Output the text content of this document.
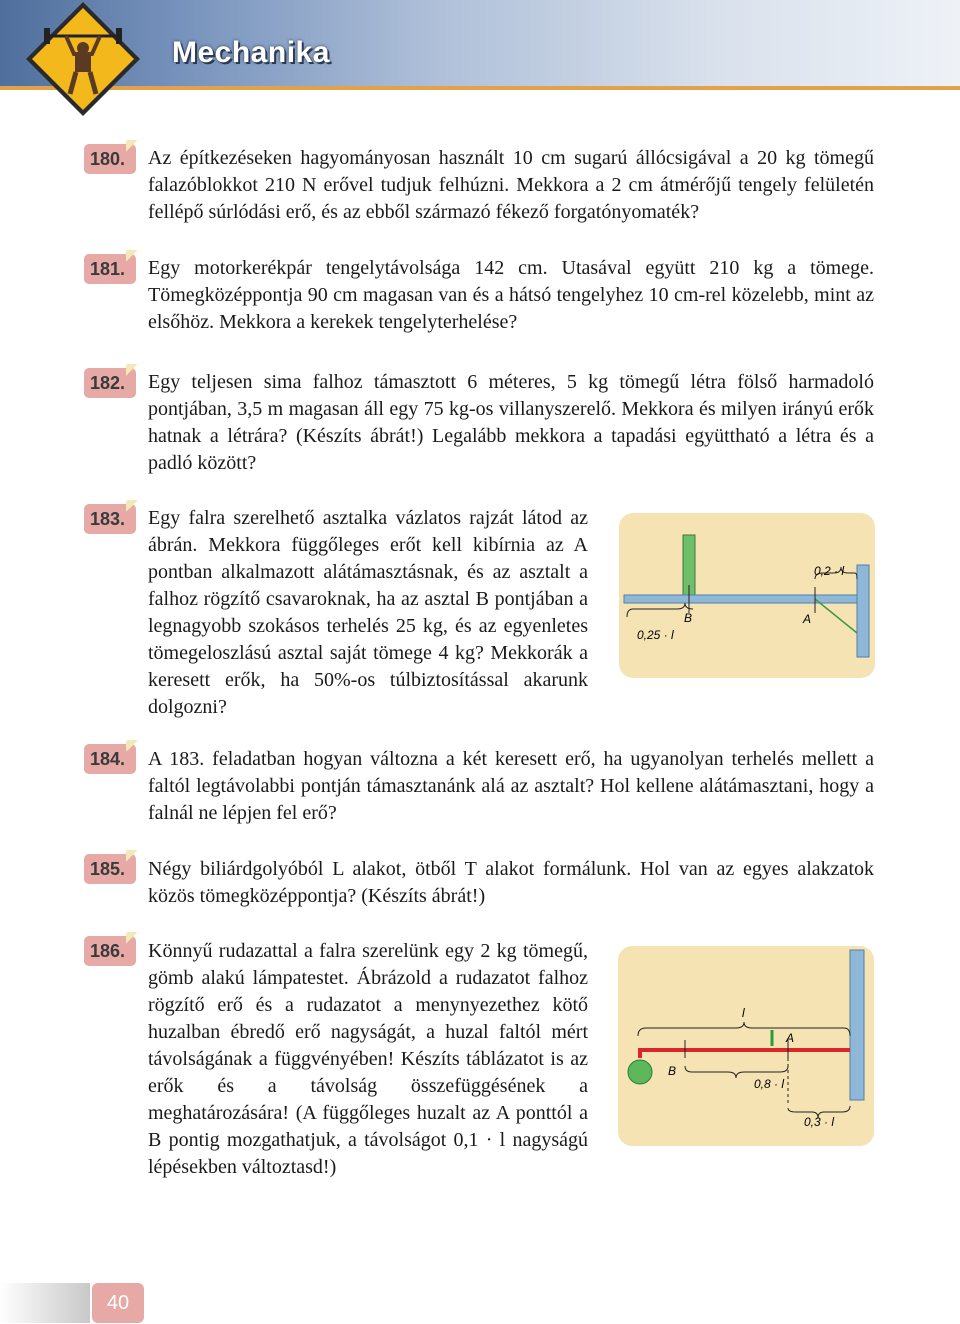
Mechanika
180.	Az építkezéseken hagyományosan használt 10 cm sugarú állócsigával a 20 kg tömegű falazóblokkot 210 N erővel tudjuk felhúzni. Mekkora a 2 cm átmérőjű tengely felületén fellépő súrlódási erő, és az ebből származó fékező forgatónyomaték?

181.	Egy motorkerékpár tengelytávolsága 142 cm. Utasával együtt 210 kg a tömege. Tömegközéppontja 90 cm magasan van és a hátsó tengelyhez 10 cm-rel közelebb, mint az elsőhöz. Mekkora a kerekek tengelyterhelése?

182.	Egy teljesen sima falhoz támasztott 6 méteres, 5 kg tömegű létra fölső harmadoló pontjában, 3,5 m magasan áll egy 75 kg-os villanyszerelő. Mekkora és milyen irányú erők hatnak a létrára? (Készíts ábrát!) Legalább mekkora a tapadási együttható a létra és a padló között?

183.	Egy falra szerelhető asztalka vázlatos rajzát látod az ábrán. Mekkora függőleges erőt kell kibírnia az A pontban alkalmazott alátámasztásnak, és az asztalt a falhoz rögzítő csavaroknak, ha az asztal B pontjában a legnagyobb szokásos terhelés 25 kg, és az egyenletes tömegeloszlású asztal saját tömege 4 kg? Mekkorák a keresett erők, ha 50%-os túlbiztosítással akarunk dolgozni?

0,2 · l
B	A
0,25 · l
184.	A 183. feladatban hogyan változna a két keresett erő, ha ugyanolyan terhelés mellett a faltól legtávolabbi pontján támasztanánk alá az asztalt? Hol kellene alátámasztani, hogy a falnál ne lépjen fel erő?

185.	Négy biliárdgolyóból L alakot, ötből T alakot formálunk. Hol van az egyes alakzatok közös tömegközéppontja? (Készíts ábrát!)

186.	Könnyű rudazattal a falra szerelünk egy 2 kg tömegű, gömb alakú lámpatestet. Ábrázold a rudazatot falhoz rögzítő erő és a rudazatot a menynyezethez kötő huzalban ébredő erő nagyságát, a huzal faltól mért távolságának a függvényében! Készíts táblázatot is az erők és a távolság összefüggésének a meghatározására! (A függőleges huzalt az A ponttól a B pontig mozgathatjuk, a távolságot 0,1 · l nagyságú lépésekben változtasd!)

l
A
B
0,8 · l
0,3 · l
40
